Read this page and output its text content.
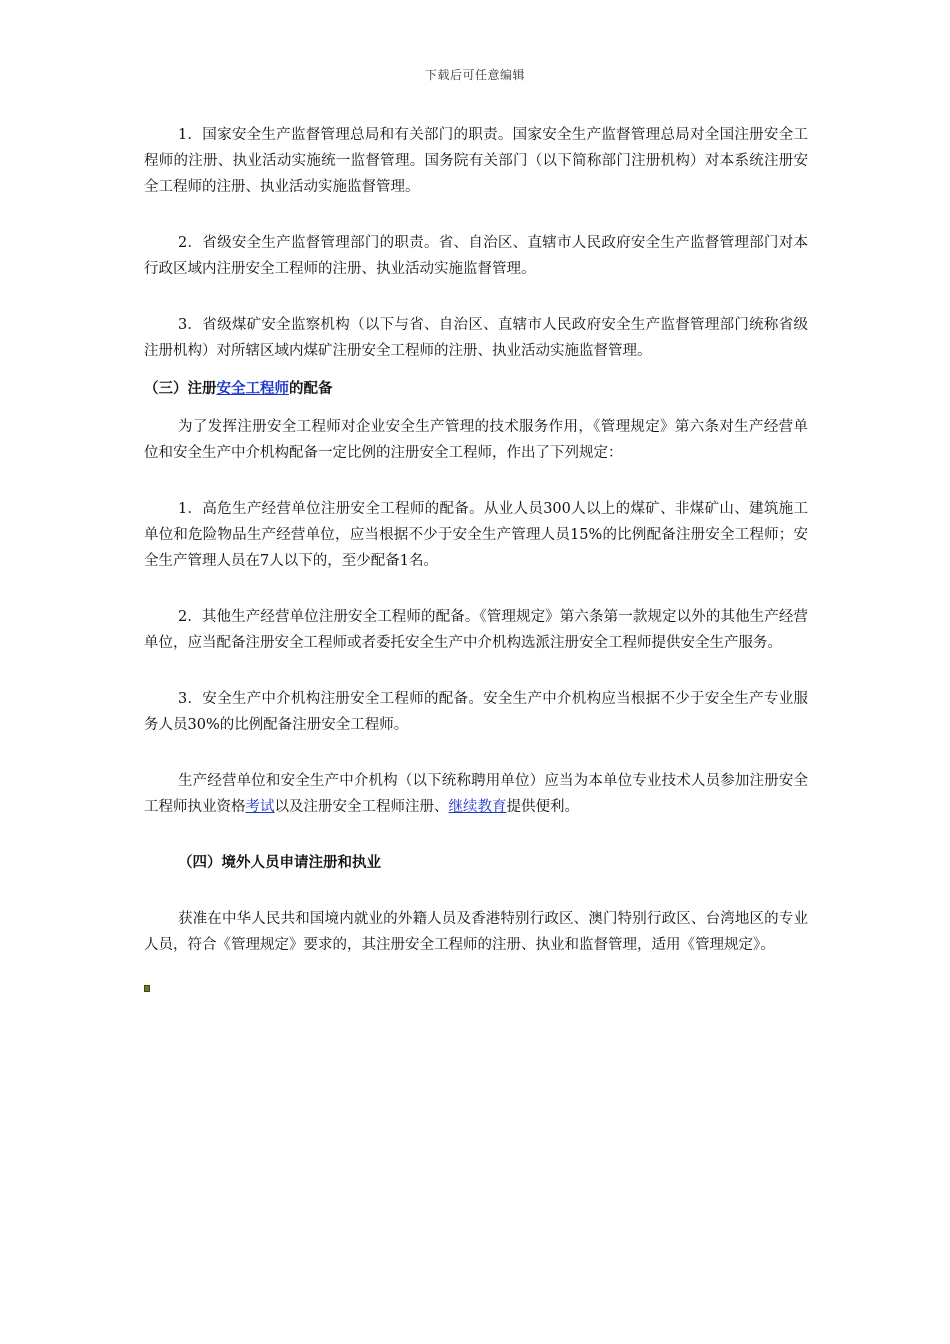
下载后可任意编辑

1．国家安全生产监督管理总局和有关部门的职责。国家安全生产监督管理总局对全国注册安全工程师的注册、执业活动实施统一监督管理。国务院有关部门（以下简称部门注册机构）对本系统注册安全工程师的注册、执业活动实施监督管理。

2．省级安全生产监督管理部门的职责。省、自治区、直辖市人民政府安全生产监督管理部门对本行政区域内注册安全工程师的注册、执业活动实施监督管理。

3．省级煤矿安全监察机构（以下与省、自治区、直辖市人民政府安全生产监督管理部门统称省级注册机构）对所辖区域内煤矿注册安全工程师的注册、执业活动实施监督管理。

（三）注册安全工程师的配备

为了发挥注册安全工程师对企业安全生产管理的技术服务作用，《管理规定》第六条对生产经营单位和安全生产中介机构配备一定比例的注册安全工程师，作出了下列规定：

1．高危生产经营单位注册安全工程师的配备。从业人员300人以上的煤矿、非煤矿山、建筑施工单位和危险物品生产经营单位，应当根据不少于安全生产管理人员15%的比例配备注册安全工程师；安全生产管理人员在7人以下的，至少配备1名。

2．其他生产经营单位注册安全工程师的配备。《管理规定》第六条第一款规定以外的其他生产经营单位，应当配备注册安全工程师或者委托安全生产中介机构选派注册安全工程师提供安全生产服务。

3．安全生产中介机构注册安全工程师的配备。安全生产中介机构应当根据不少于安全生产专业服务人员30%的比例配备注册安全工程师。

生产经营单位和安全生产中介机构（以下统称聘用单位）应当为本单位专业技术人员参加注册安全工程师执业资格考试以及注册安全工程师注册、继续教育提供便利。

（四）境外人员申请注册和执业

获准在中华人民共和国境内就业的外籍人员及香港特别行政区、澳门特别行政区、台湾地区的专业人员，符合《管理规定》要求的，其注册安全工程师的注册、执业和监督管理，适用《管理规定》。
